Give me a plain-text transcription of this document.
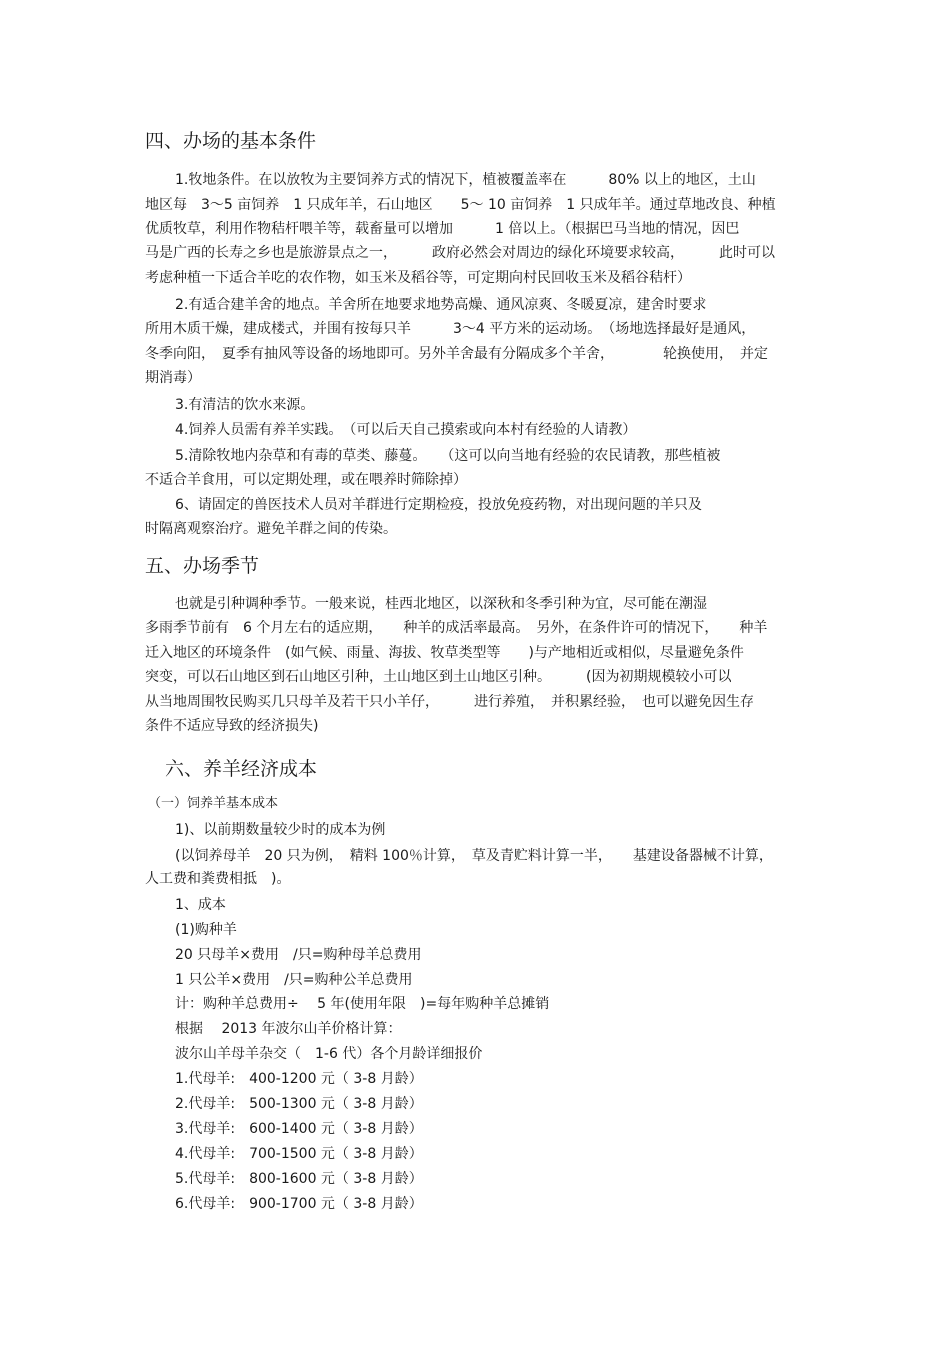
四、办场的基本条件
1.牧地条件。在以放牧为主要饲养方式的情况下，植被覆盖率在　　　80% 以上的地区，土山
地区每　3～5 亩饲养　1 只成年羊，石山地区　　5～ 10 亩饲养　1 只成年羊。通过草地改良、种植
优质牧草，利用作物秸杆喂羊等，载畜量可以增加　　　1 倍以上。（根据巴马当地的情况，因巴
马是广西的长寿之乡也是旅游景点之一，　　　政府必然会对周边的绿化环境要求较高，　　　此时可以
考虑种植一下适合羊吃的农作物，如玉米及稻谷等，可定期向村民回收玉米及稻谷秸杆）
2.有适合建羊舍的地点。羊舍所在地要求地势高燥、通风凉爽、冬暖夏凉，建舍时要求
所用木质干燥，建成楼式，并围有按每只羊　　　3～4 平方米的运动场。　（场地选择最好是通风，
冬季向阳，　夏季有抽风等设备的场地即可。另外羊舍最有分隔成多个羊舍，　　　　轮换使用，　并定
期消毒）
3.有清洁的饮水来源。
4.饲养人员需有养羊实践。　（可以后天自己摸索或向本村有经验的人请教）
5.清除牧地内杂草和有毒的草类、藤蔓。　　（这可以向当地有经验的农民请教，那些植被
不适合羊食用，可以定期处理，或在喂养时筛除掉）
6、请固定的兽医技术人员对羊群进行定期检疫，投放免疫药物，对出现问题的羊只及
时隔离观察治疗。避免羊群之间的传染。
五、办场季节
也就是引种调种季节。一般来说，桂西北地区，以深秋和冬季引种为宜，尽可能在潮湿
多雨季节前有　6 个月左右的适应期，　　种羊的成活率最高。　另外，在条件许可的情况下，　　种羊
迁入地区的环境条件　(如气候、雨量、海拔、牧草类型等　　)与产地相近或相似，尽量避免条件
突变，可以石山地区到石山地区引种，土山地区到土山地区引种。　　　(因为初期规模较小可以
从当地周围牧民购买几只母羊及若干只小羊仔，　　　进行养殖，　并积累经验，　也可以避免因生存
条件不适应导致的经济损失)
六、养羊经济成本
（一）饲养羊基本成本
1)、以前期数量较少时的成本为例
(以饲养母羊　20 只为例，　精料 100％计算，　草及青贮料计算一半，　　基建设备器械不计算，
人工费和粪费相抵　)。
1、成本
(1)购种羊
20 只母羊×费用　/只=购种母羊总费用
1 只公羊×费用　/只=购种公羊总费用
计：购种羊总费用÷　 5 年(使用年限　)=每年购种羊总摊销
根据　 2013 年波尔山羊价格计算：
波尔山羊母羊杂交（　1-6 代）各个月龄详细报价
1.代母羊:　400-1200 元（ 3-8 月龄）
2.代母羊:　500-1300 元（ 3-8 月龄）
3.代母羊:　600-1400 元（ 3-8 月龄）
4.代母羊:　700-1500 元（ 3-8 月龄）
5.代母羊:　800-1600 元（ 3-8 月龄）
6.代母羊:　900-1700 元（ 3-8 月龄）
